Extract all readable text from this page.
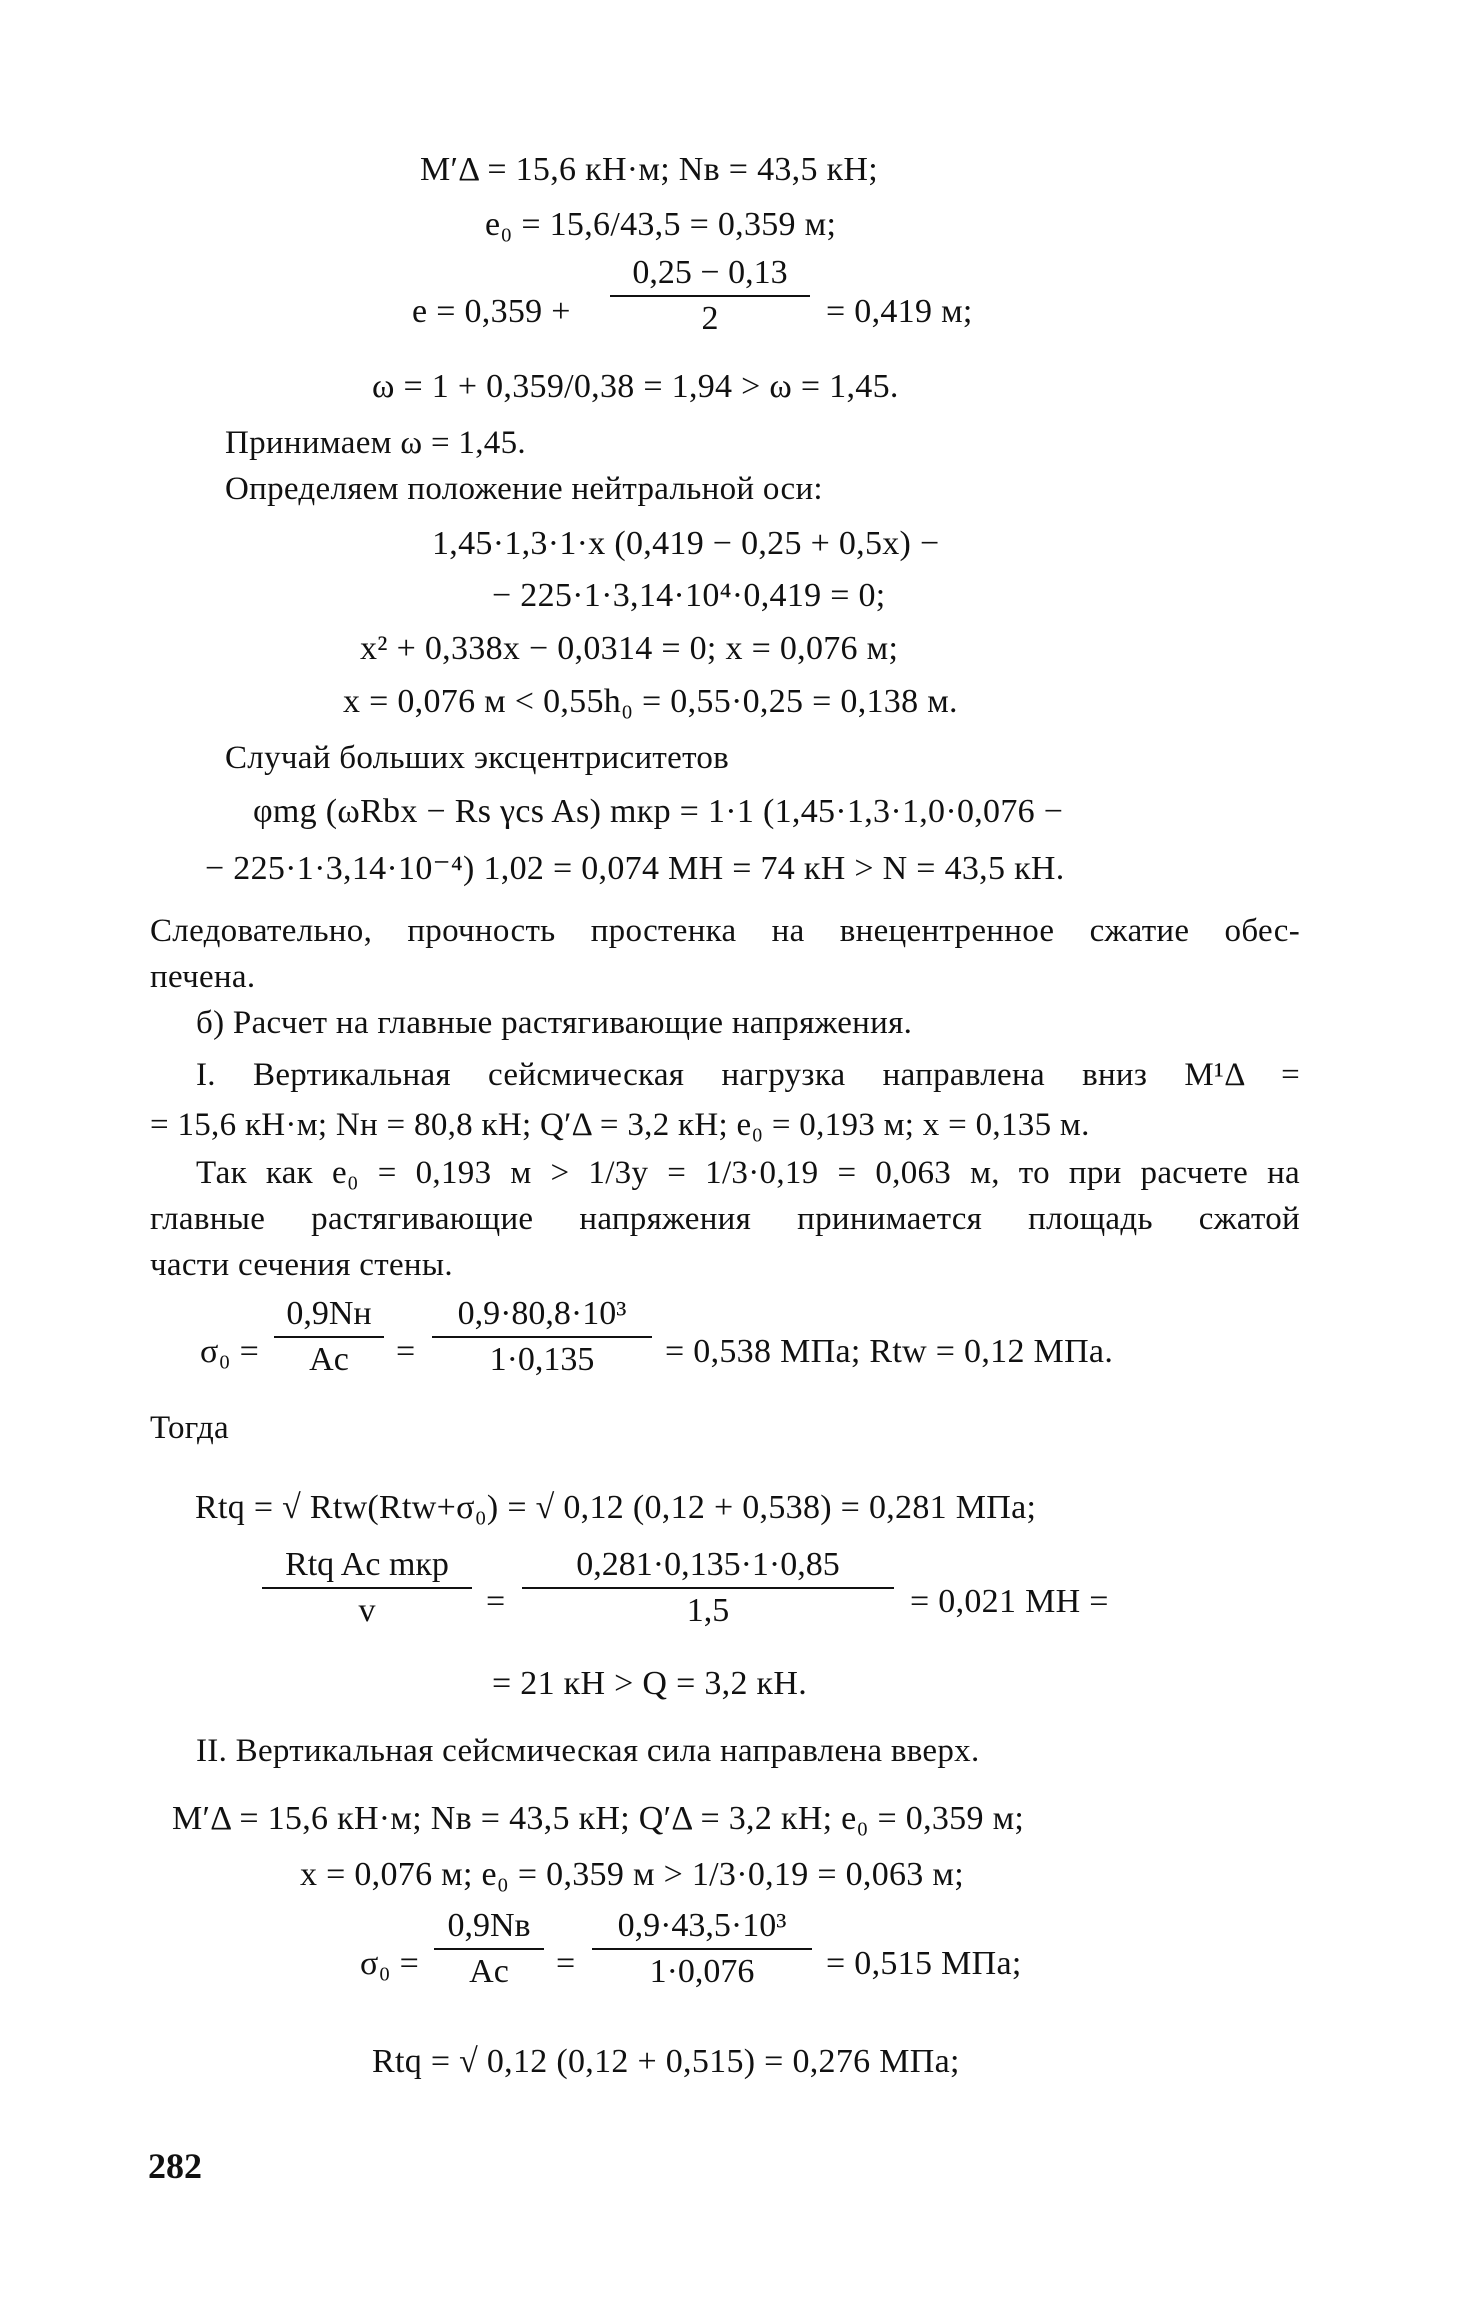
M′Δ = 15,6 кН·м; Nв = 43,5 кН;
e₀ = 15,6/43,5 = 0,359 м;
e = 0,359 +
0,25 − 0,13
2	= 0,419 м;
ω = 1 + 0,359/0,38 = 1,94 > ω = 1,45.
Принимаем ω = 1,45.
Определяем положение нейтральной оси:
1,45·1,3·1·x (0,419 − 0,25 + 0,5x) −
− 225·1·3,14·10⁴·0,419 = 0;
x² + 0,338x − 0,0314 = 0; x = 0,076 м;
x = 0,076 м < 0,55h₀ = 0,55·0,25 = 0,138 м.
Случай больших эксцентриситетов
φmg (ωRbx − Rs γcs As) mкр = 1·1 (1,45·1,3·1,0·0,076 −
− 225·1·3,14·10⁻⁴) 1,02 = 0,074 МН = 74 кН > N = 43,5 кН.
Следовательно, прочность простенка на внецентренное сжатие обес-
печена.
б) Расчет на главные растягивающие напряжения.
I. Вертикальная сейсмическая нагрузка направлена вниз M¹Δ =
= 15,6 кН·м; Nн = 80,8 кН; Q′Δ = 3,2 кН; e₀ = 0,193 м; x = 0,135 м.
Так как e₀ = 0,193 м > 1/3y = 1/3·0,19 = 0,063 м, то при расчете на
главные растягивающие напряжения принимается площадь сжатой
части сечения стены.
σ₀ =
0,9Nн
Ac	=
0,9·80,8·10³
1·0,135	= 0,538 МПа; Rtw = 0,12 МПа.
Тогда
Rtq = √ Rtw(Rtw+σ₀) = √ 0,12 (0,12 + 0,538) = 0,281 МПа;
Rtq Ac mкр
v	=
0,281·0,135·1·0,85
1,5	= 0,021 МН =
= 21 кН > Q = 3,2 кН.
II. Вертикальная сейсмическая сила направлена вверх.
M′Δ = 15,6 кН·м; Nв = 43,5 кН; Q′Δ = 3,2 кН; e₀ = 0,359 м;
x = 0,076 м; e₀ = 0,359 м > 1/3·0,19 = 0,063 м;
σ₀ =
0,9Nв
Ac	=
0,9·43,5·10³
1·0,076	= 0,515 МПа;
Rtq = √ 0,12 (0,12 + 0,515) = 0,276 МПа;
282
